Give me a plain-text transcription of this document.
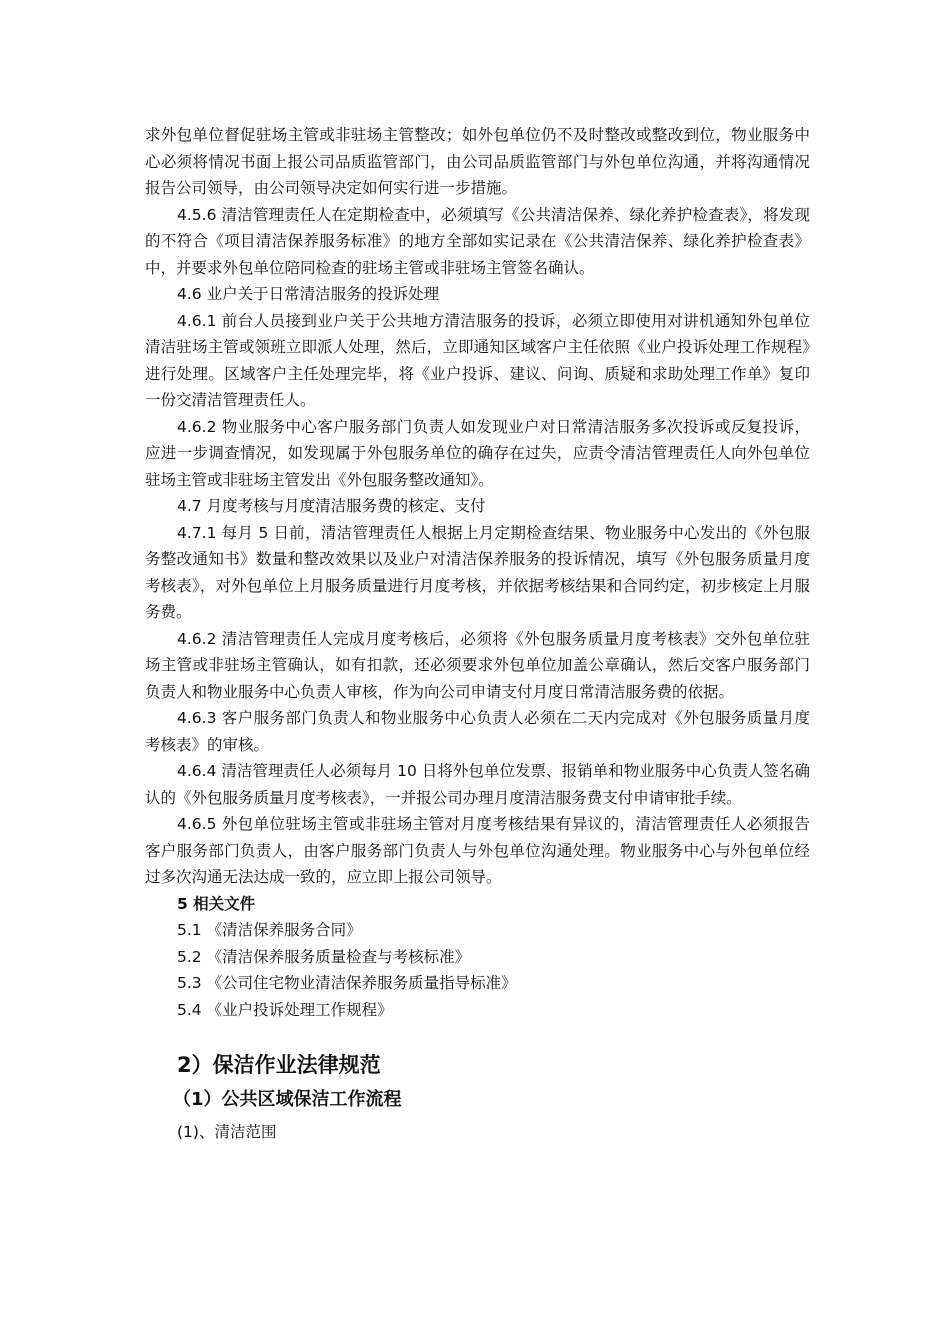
求外包单位督促驻场主管或非驻场主管整改；如外包单位仍不及时整改或整改到位，物业服务中心必须将情况书面上报公司品质监管部门，由公司品质监管部门与外包单位沟通，并将沟通情况报告公司领导，由公司领导决定如何实行进一步措施。

4.5.6 清洁管理责任人在定期检查中，必须填写《公共清洁保养、绿化养护检查表》，将发现的不符合《项目清洁保养服务标准》的地方全部如实记录在《公共清洁保养、绿化养护检查表》中，并要求外包单位陪同检查的驻场主管或非驻场主管签名确认。

4.6 业户关于日常清洁服务的投诉处理

4.6.1 前台人员接到业户关于公共地方清洁服务的投诉，必须立即使用对讲机通知外包单位清洁驻场主管或领班立即派人处理，然后，立即通知区域客户主任依照《业户投诉处理工作规程》进行处理。区域客户主任处理完毕，将《业户投诉、建议、问询、质疑和求助处理工作单》复印一份交清洁管理责任人。

4.6.2 物业服务中心客户服务部门负责人如发现业户对日常清洁服务多次投诉或反复投诉，应进一步调查情况，如发现属于外包服务单位的确存在过失，应责令清洁管理责任人向外包单位驻场主管或非驻场主管发出《外包服务整改通知》。

4.7 月度考核与月度清洁服务费的核定、支付

4.7.1 每月 5 日前，清洁管理责任人根据上月定期检查结果、物业服务中心发出的《外包服务整改通知书》数量和整改效果以及业户对清洁保养服务的投诉情况，填写《外包服务质量月度考核表》，对外包单位上月服务质量进行月度考核，并依据考核结果和合同约定，初步核定上月服务费。

4.6.2 清洁管理责任人完成月度考核后，必须将《外包服务质量月度考核表》交外包单位驻场主管或非驻场主管确认，如有扣款，还必须要求外包单位加盖公章确认，然后交客户服务部门负责人和物业服务中心负责人审核，作为向公司申请支付月度日常清洁服务费的依据。

4.6.3 客户服务部门负责人和物业服务中心负责人必须在二天内完成对《外包服务质量月度考核表》的审核。

4.6.4 清洁管理责任人必须每月 10 日将外包单位发票、报销单和物业服务中心负责人签名确认的《外包服务质量月度考核表》，一并报公司办理月度清洁服务费支付申请审批手续。

4.6.5 外包单位驻场主管或非驻场主管对月度考核结果有异议的，清洁管理责任人必须报告客户服务部门负责人，由客户服务部门负责人与外包单位沟通处理。物业服务中心与外包单位经过多次沟通无法达成一致的，应立即上报公司领导。

5 相关文件

5.1 《清洁保养服务合同》

5.2 《清洁保养服务质量检查与考核标准》

5.3 《公司住宅物业清洁保养服务质量指导标准》

5.4 《业户投诉处理工作规程》

2）保洁作业法律规范
（1）公共区域保洁工作流程
(1)、清洁范围
